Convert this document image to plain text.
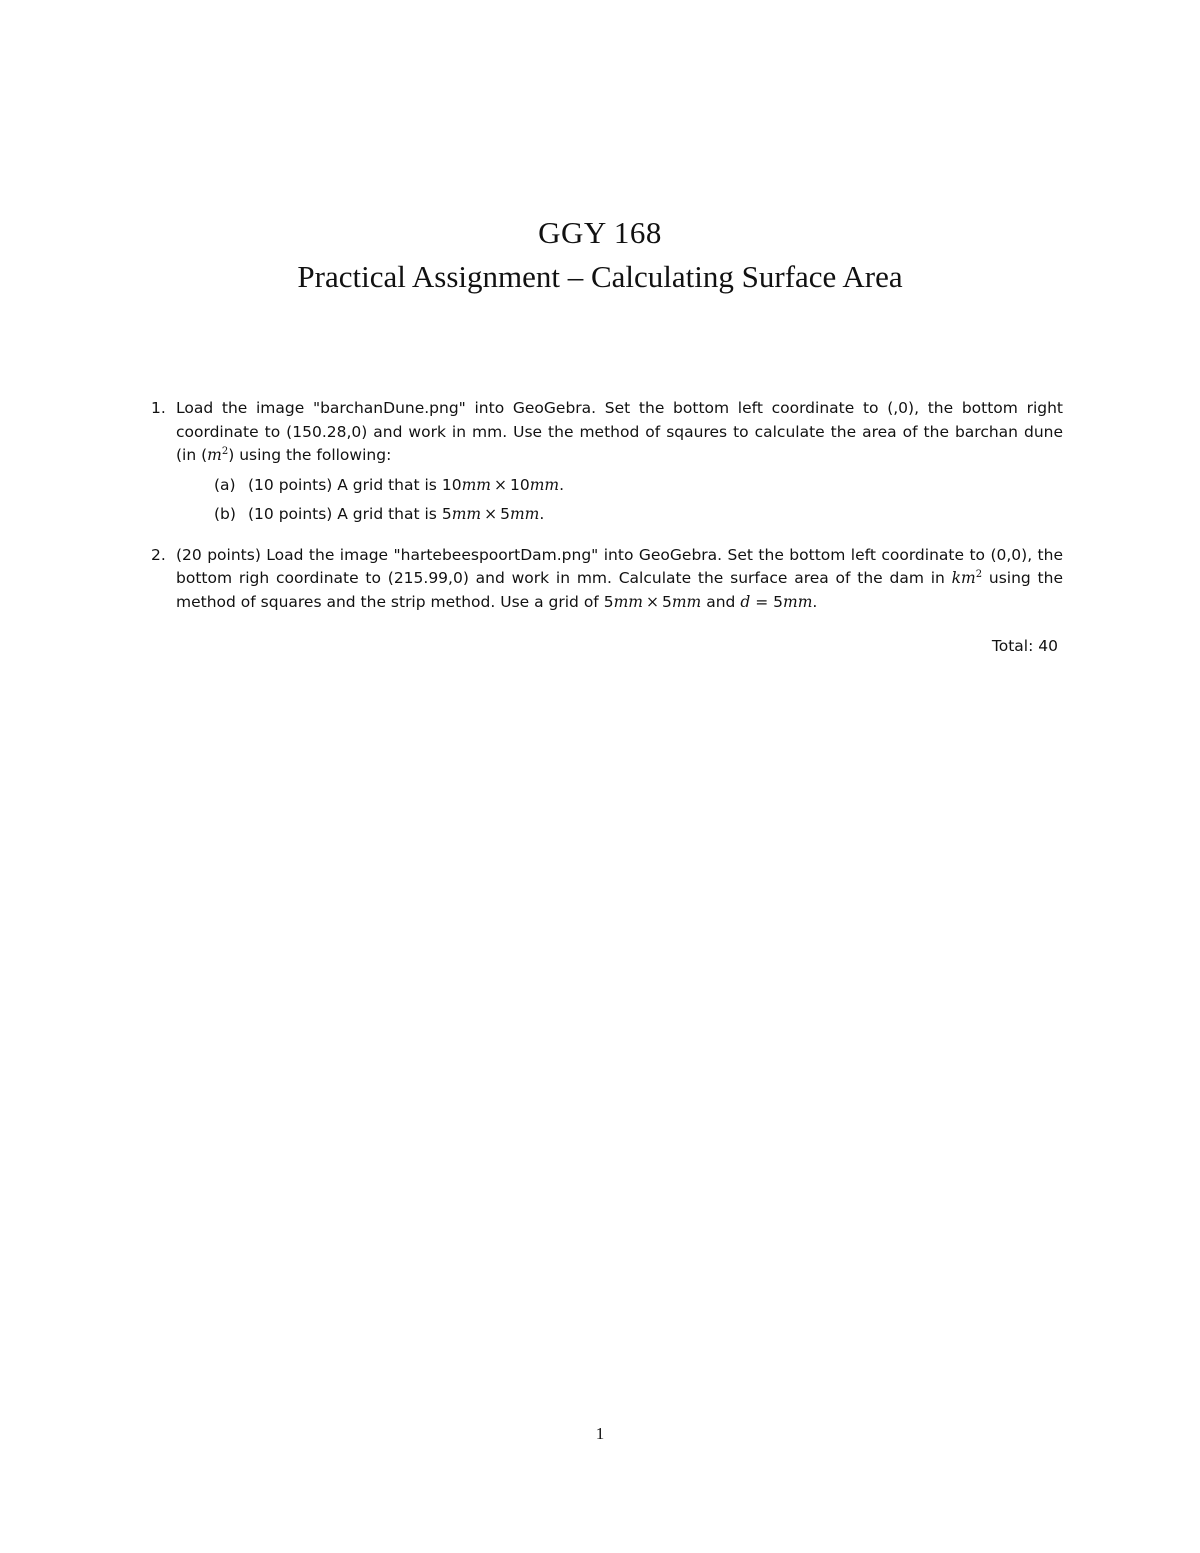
GGY 168
Practical Assignment – Calculating Surface Area
1. Load the image "barchanDune.png" into GeoGebra. Set the bottom left coordinate to (,0), the bottom right coordinate to (150.28,0) and work in mm. Use the method of sqaures to calculate the area of the barchan dune (in $(m^2)$ using the following:
(a) (10 points) A grid that is 10mm × 10mm.
(b) (10 points) A grid that is 5mm × 5mm.
2. (20 points) Load the image "hartebeespoortDam.png" into GeoGebra. Set the bottom left coordinate to (0,0), the bottom righ coordinate to (215.99,0) and work in mm. Calculate the surface area of the dam in $km^2$ using the method of squares and the strip method. Use a grid of 5mm × 5mm and d = 5mm.
Total: 40
1
